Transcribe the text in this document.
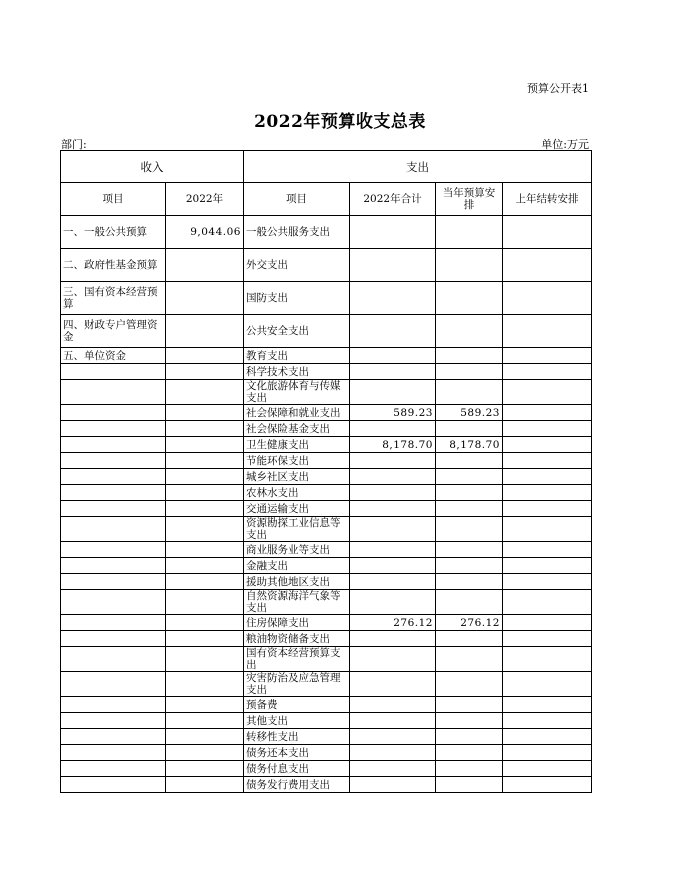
预算公开表1
2022年预算收支总表
部门:	单位:万元
收入		支出			
项目	2022年	项目	2022年合计	当年预算安排	上年结转安排
一、一般公共预算	9,044.06	一般公共服务支出			
二、政府性基金预算		外交支出			
三、国有资本经营预算		国防支出			
四、财政专户管理资金		公共安全支出			
五、单位资金		教育支出			
		科学技术支出			
		文化旅游体育与传媒支出			
		社会保障和就业支出	589.23	589.23	
		社会保险基金支出			
		卫生健康支出	8,178.70	8,178.70	
		节能环保支出			
		城乡社区支出			
		农林水支出			
		交通运输支出			
		资源勘探工业信息等支出			
		商业服务业等支出			
		金融支出			
		援助其他地区支出			
		自然资源海洋气象等支出			
		住房保障支出	276.12	276.12	
		粮油物资储备支出			
		国有资本经营预算支出			
		灾害防治及应急管理支出			
		预备费			
		其他支出			
		转移性支出			
		债务还本支出			
		债务付息支出			
		债务发行费用支出			
